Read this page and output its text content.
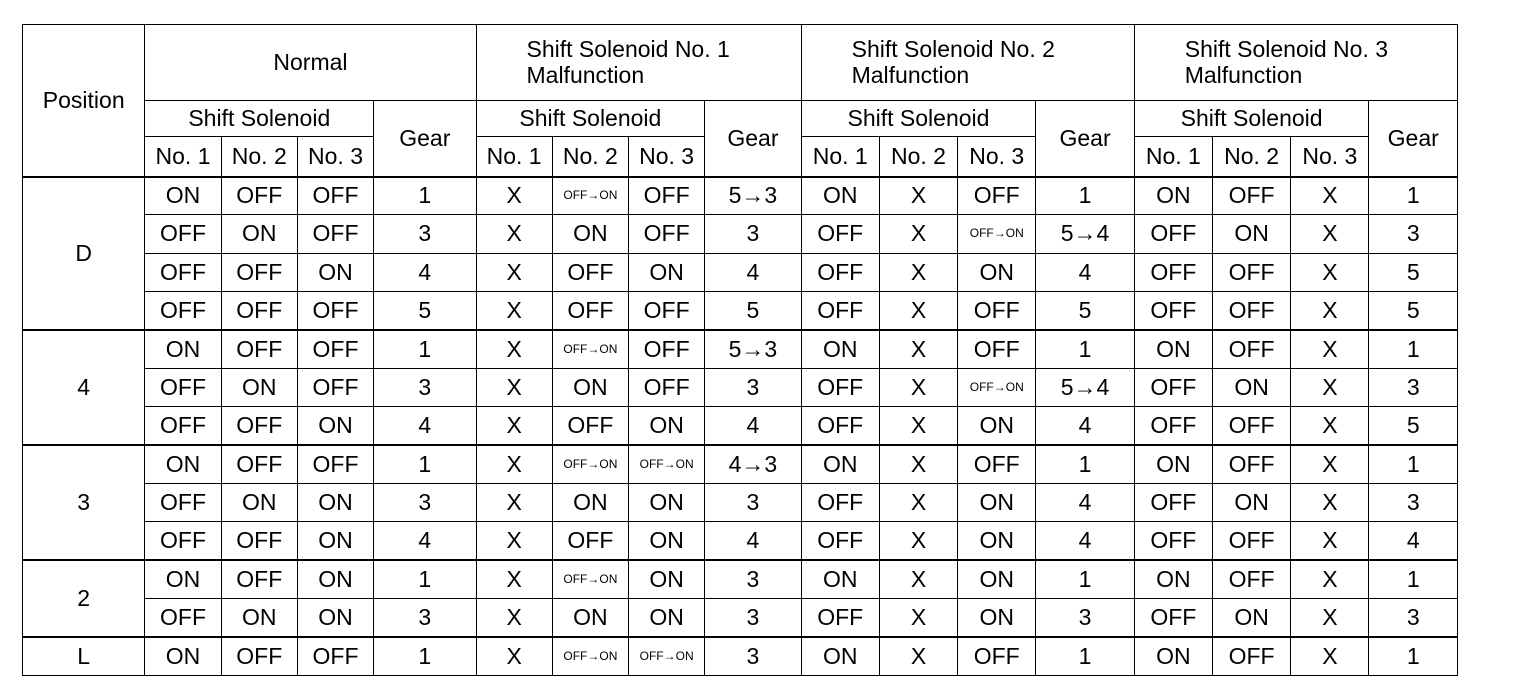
Position	Normal				Shift Solenoid No. 1
Malfunction				Shift Solenoid No. 2
Malfunction				Shift Solenoid No. 3
Malfunction			
	Shift Solenoid			Gear	Shift Solenoid			Gear	Shift Solenoid			Gear	Shift Solenoid			Gear
	No. 1	No. 2	No. 3		No. 1	No. 2	No. 3		No. 1	No. 2	No. 3		No. 1	No. 2	No. 3	
D	ON	OFF	OFF	1	X	OFF→ON	OFF	5→3	ON	X	OFF	1	ON	OFF	X	1
	OFF	ON	OFF	3	X	ON	OFF	3	OFF	X	OFF→ON	5→4	OFF	ON	X	3
	OFF	OFF	ON	4	X	OFF	ON	4	OFF	X	ON	4	OFF	OFF	X	5
	OFF	OFF	OFF	5	X	OFF	OFF	5	OFF	X	OFF	5	OFF	OFF	X	5
4	ON	OFF	OFF	1	X	OFF→ON	OFF	5→3	ON	X	OFF	1	ON	OFF	X	1
	OFF	ON	OFF	3	X	ON	OFF	3	OFF	X	OFF→ON	5→4	OFF	ON	X	3
	OFF	OFF	ON	4	X	OFF	ON	4	OFF	X	ON	4	OFF	OFF	X	5
3	ON	OFF	OFF	1	X	OFF→ON	OFF→ON	4→3	ON	X	OFF	1	ON	OFF	X	1
	OFF	ON	ON	3	X	ON	ON	3	OFF	X	ON	4	OFF	ON	X	3
	OFF	OFF	ON	4	X	OFF	ON	4	OFF	X	ON	4	OFF	OFF	X	4
2	ON	OFF	ON	1	X	OFF→ON	ON	3	ON	X	ON	1	ON	OFF	X	1
	OFF	ON	ON	3	X	ON	ON	3	OFF	X	ON	3	OFF	ON	X	3
L	ON	OFF	OFF	1	X	OFF→ON	OFF→ON	3	ON	X	OFF	1	ON	OFF	X	1
